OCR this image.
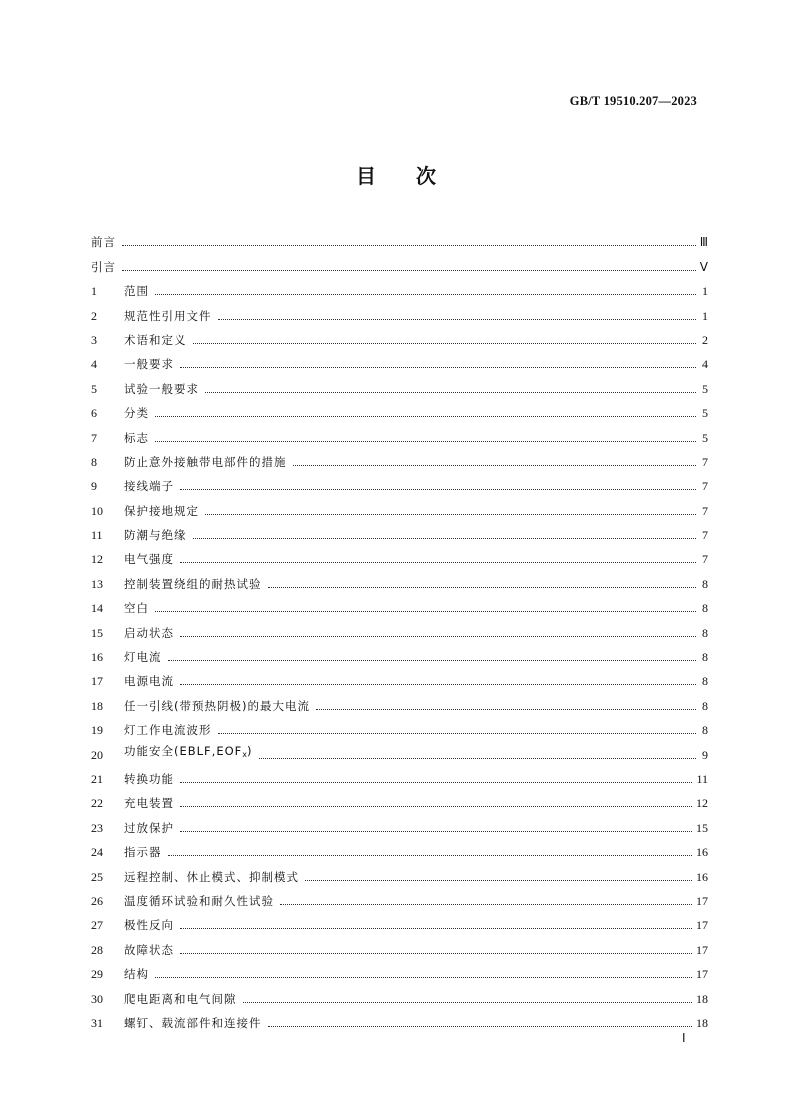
GB/T 19510.207—2023
目 次
前言	Ⅲ
引言	Ⅴ
1	范围	1
2	规范性引用文件	1
3	术语和定义	2
4	一般要求	4
5	试验一般要求	5
6	分类	5
7	标志	5
8	防止意外接触带电部件的措施	7
9	接线端子	7
10	保护接地规定	7
11	防潮与绝缘	7
12	电气强度	7
13	控制装置绕组的耐热试验	8
14	空白	8
15	启动状态	8
16	灯电流	8
17	电源电流	8
18	任一引线(带预热阴极)的最大电流	8
19	灯工作电流波形	8
20	功能安全$(EBLF,EOF_x)$	9
21	转换功能	11
22	充电装置	12
23	过放保护	15
24	指示器	16
25	远程控制、休止模式、抑制模式	16
26	温度循环试验和耐久性试验	17
27	极性反向	17
28	故障状态	17
29	结构	17
30	爬电距离和电气间隙	18
31	螺钉、载流部件和连接件	18
Ⅰ
